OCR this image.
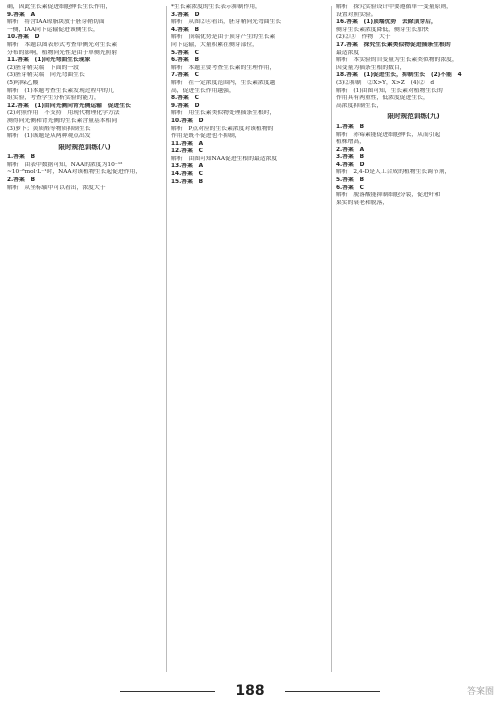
确，因此生长素促进细胞伸长生长作用，
9.答案　A
解析　将含IAA琼脂块放于胚芽鞘切面
一侧，IAA向下运输促进该侧生长，
10.答案　D
解析　本题以图表形式考查单侧光对生长素
分布的影响，植物向光性是由于单侧光照射
11.答案　(1)向光弯曲生长现象
(2)胚芽鞘尖端　下面的一段
(3)胚芽鞘尖端　向光弯曲生长
(5)吲哚乙酸
解析　(1)本题考查生长素发现过程中的几
组实验，考查学生分析实验的能力，
12.答案　(1)由向光侧向背光侧运输　促进生长
(2)对照作用　不支持　用现代物理化学方法
测得向光侧和背光侧的生长素含量基本相同
(3)萝卜；黄质醛等物质抑制生长
解析　(1)该题是从两种观点出发
限时规范训练(八)
1.答案　B
解析　由表中数据可知，NAA的浓度为10⁻¹²
~10⁻⁸mol·L⁻¹时，NAA对该植物生长起促进作用，
2.答案　B
解析　从坐标轴中可以看出，浓度大于
*生长素浓度的生长表示抑制作用，
3.答案　D
解析　从图②④看出，胚芽鞘向光弯曲生长
4.答案　B
解析　顶端优势是由于顶芽产生的生长素
向下运输，大量积累在侧芽部位，
5.答案　C
6.答案　B
解析　本题主要考查生长素的生理作用，
7.答案　C
解析　在一定浓度范围内，生长素浓度越
高，促进生长作用越强，
8.答案　C
9.答案　D
解析　用生长素类似物处理插条生根时，
10.答案　D
解析　P点对应的生长素浓度对该植物的
作用是既不促进也不抑制，
11.答案　A
12.答案　C
解析　由图可知NAA促进生根的最适浓度
13.答案　A
14.答案　C
15.答案　B
解析　探究实验设计中要遵循单一变量原则，
设置对照实验。
16.答案　(1)顶端优势　去除顶芽后，
侧芽生长素浓度降低，侧芽生长加快
(2)②③　作物　大于
17.答案　探究生长素类似物促进插条生根的
最适浓度
解析　本实验的自变量为生长素类似物的浓度，
因变量为插条生根的数目，
18.答案　(1)促进生长，抑制生长　(2)不能　4
(3)②抑制　②X>Y，X>Z　(4)②　d
解析　(1)由图可知，生长素对植物生长的
作用具有两重性，低浓度促进生长，
高浓度抑制生长，
限时规范训练(九)
1.答案　B
解析　赤霉素能促进细胞伸长，从而引起
植株增高，
2.答案　A
3.答案　B
4.答案　D
解析　2,4-D是人工合成的植物生长调节剂，
5.答案　B
6.答案　C
解析　脱落酸能抑制细胞分裂，促进叶和
果实的衰老和脱落，
188	答案圈
